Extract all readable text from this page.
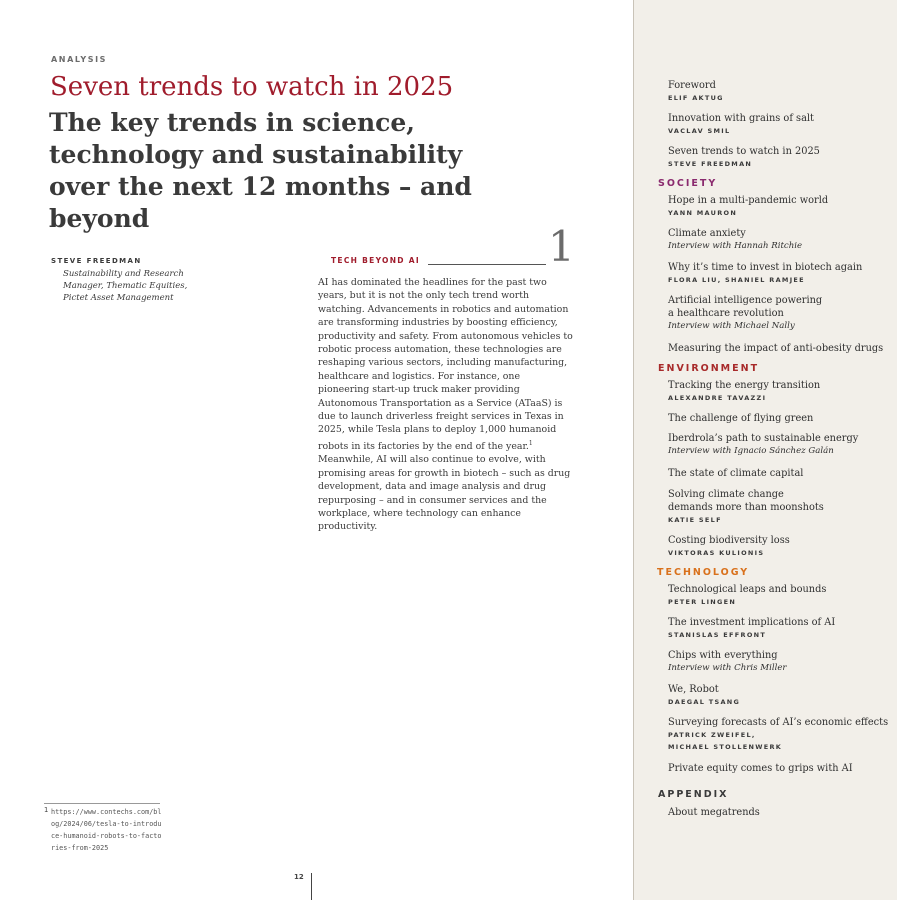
ANALYSIS
Seven trends to watch in 2025
The key trends in science, technology and sustainability over the next 12 months – and beyond
STEVE FREEDMAN
Sustainability and Research Manager, Thematic Equities, Pictet Asset Management
TECH BEYOND AI	1

AI has dominated the headlines for the past two years, but it is not the only tech trend worth watching. Advancements in robotics and automation are transforming industries by boosting efficiency, productivity and safety. From autonomous vehicles to robotic process automation, these technologies are reshaping various sectors, including manufacturing, healthcare and logistics. For instance, one pioneering start-up truck maker providing Autonomous Transportation as a Service (ATaaS) is due to launch driverless freight services in Texas in 2025, while Tesla plans to deploy 1,000 humanoid robots in its factories by the end of the year.$^1$ Meanwhile, AI will also continue to evolve, with promising areas for growth in biotech – such as drug development, data and image analysis and drug repurposing – and in consumer services and the workplace, where technology can enhance productivity.

1 https://www.contechs.com/blog/2024/06/tesla-to-introduce-humanoid-robots-to-factories-from-2025
12
Foreword
ELIF AKTUG
Innovation with grains of salt
VACLAV SMIL
Seven trends to watch in 2025
STEVE FREEDMAN
SOCIETY
Hope in a multi-pandemic world
YANN MAURON
Climate anxiety
Interview with Hannah Ritchie
Why it’s time to invest in biotech again
FLORA LIU, SHANIEL RAMJEE
Artificial intelligence powering
a healthcare revolution
Interview with Michael Nally
Measuring the impact of anti-obesity drugs
ENVIRONMENT
Tracking the energy transition
ALEXANDRE TAVAZZI
The challenge of flying green
Iberdrola’s path to sustainable energy
Interview with Ignacio Sánchez Galán
The state of climate capital
Solving climate change
demands more than moonshots
KATIE SELF
Costing biodiversity loss
VIKTORAS KULIONIS
TECHNOLOGY
Technological leaps and bounds
PETER LINGEN
The investment implications of AI
STANISLAS EFFRONT
Chips with everything
Interview with Chris Miller
We, Robot
DAEGAL TSANG
Surveying forecasts of AI’s economic effects
PATRICK ZWEIFEL,
MICHAEL STOLLENWERK
Private equity comes to grips with AI
APPENDIX
About megatrends
